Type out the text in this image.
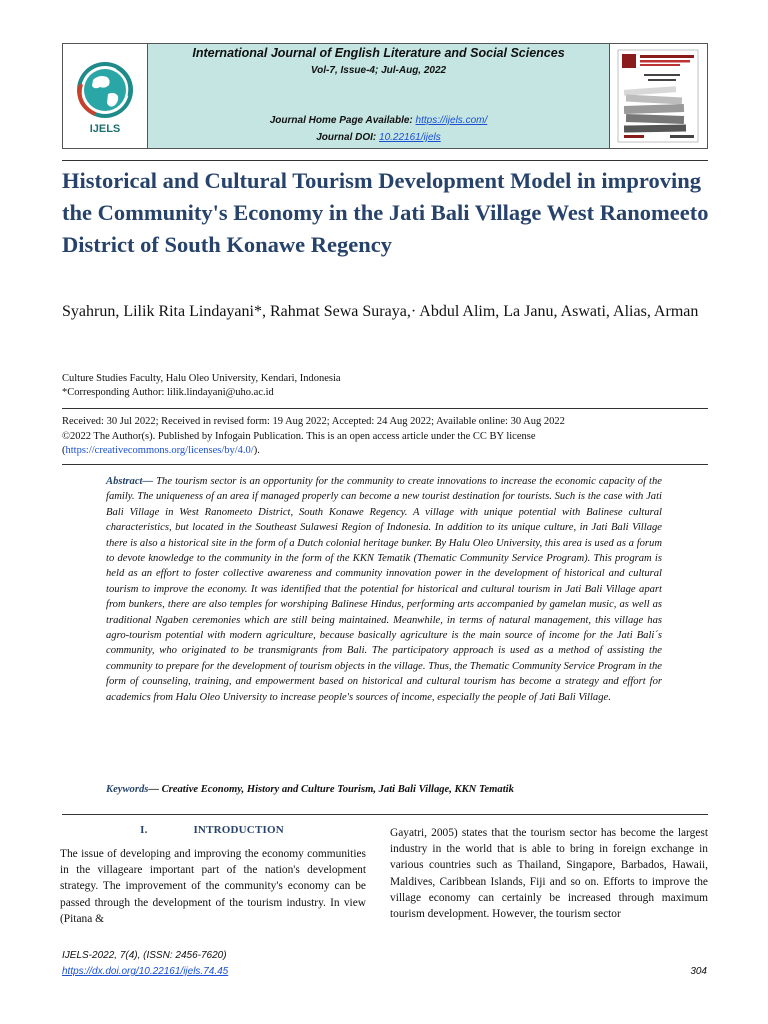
IJELS
International Journal of English Literature and Social Sciences
Vol-7, Issue-4; Jul-Aug, 2022
Journal Home Page Available: https://ijels.com/
Journal DOI: 10.22161/ijels
Historical and Cultural Tourism Development Model in improving the Community's Economy in the Jati Bali Village West Ranomeeto District of South Konawe Regency
Syahrun, Lilik Rita Lindayani*, Rahmat Sewa Suraya,· Abdul Alim, La Janu, Aswati, Alias, Arman
Culture Studies Faculty, Halu Oleo University, Kendari, Indonesia
*Corresponding Author: lilik.lindayani@uho.ac.id
Received: 30 Jul 2022; Received in revised form: 19 Aug 2022; Accepted: 24 Aug 2022; Available online: 30 Aug 2022
©2022 The Author(s). Published by Infogain Publication. This is an open access article under the CC BY license
(https://creativecommons.org/licenses/by/4.0/).
Abstract— The tourism sector is an opportunity for the community to create innovations to increase the economic capacity of the family. The uniqueness of an area if managed properly can become a new tourist destination for tourists. Such is the case with Jati Bali Village in West Ranomeeto District, South Konawe Regency. A village with unique potential with Balinese cultural characteristics, but located in the Southeast Sulawesi Region of Indonesia. In addition to its unique culture, in Jati Bali Village there is also a historical site in the form of a Dutch colonial heritage bunker. By Halu Oleo University, this area is used as a forum to devote knowledge to the community in the form of the KKN Tematik (Thematic Community Service Program). This program is held as an effort to foster collective awareness and community innovation power in the development of historical and cultural tourism to improve the economy. It was identified that the potential for historical and cultural tourism in Jati Bali Village apart from bunkers, there are also temples for worshiping Balinese Hindus, performing arts accompanied by gamelan music, as well as traditional Ngaben ceremonies which are still being maintained. Meanwhile, in terms of natural management, this village has agro-tourism potential with modern agriculture, because basically agriculture is the main source of income for the Jati Bali´s community, who originated to be transmigrants from Bali. The participatory approach is used as a method of assisting the community to prepare for the development of tourism objects in the village. Thus, the Thematic Community Service Program in the form of counseling, training, and empowerment based on historical and cultural tourism has become a strategy and effort for academics from Halu Oleo University to increase people's sources of income, especially the people of Jati Bali Village.
Keywords— Creative Economy, History and Culture Tourism, Jati Bali Village, KKN Tematik
I.	INTRODUCTION
The issue of developing and improving the economy communities in the villageare important part of the nation's development strategy. The improvement of the community's economy can be passed through the development of the tourism industry. In view (Pitana &
Gayatri, 2005) states that the tourism sector has become the largest industry in the world that is able to bring in foreign exchange in various countries such as Thailand, Singapore, Barbados, Hawaii, Maldives, Caribbean Islands, Fiji and so on. Efforts to improve the village economy can certainly be increased through maximum tourism development. However, the tourism sector
IJELS-2022, 7(4), (ISSN: 2456-7620)
https://dx.doi.org/10.22161/ijels.74.45	304
